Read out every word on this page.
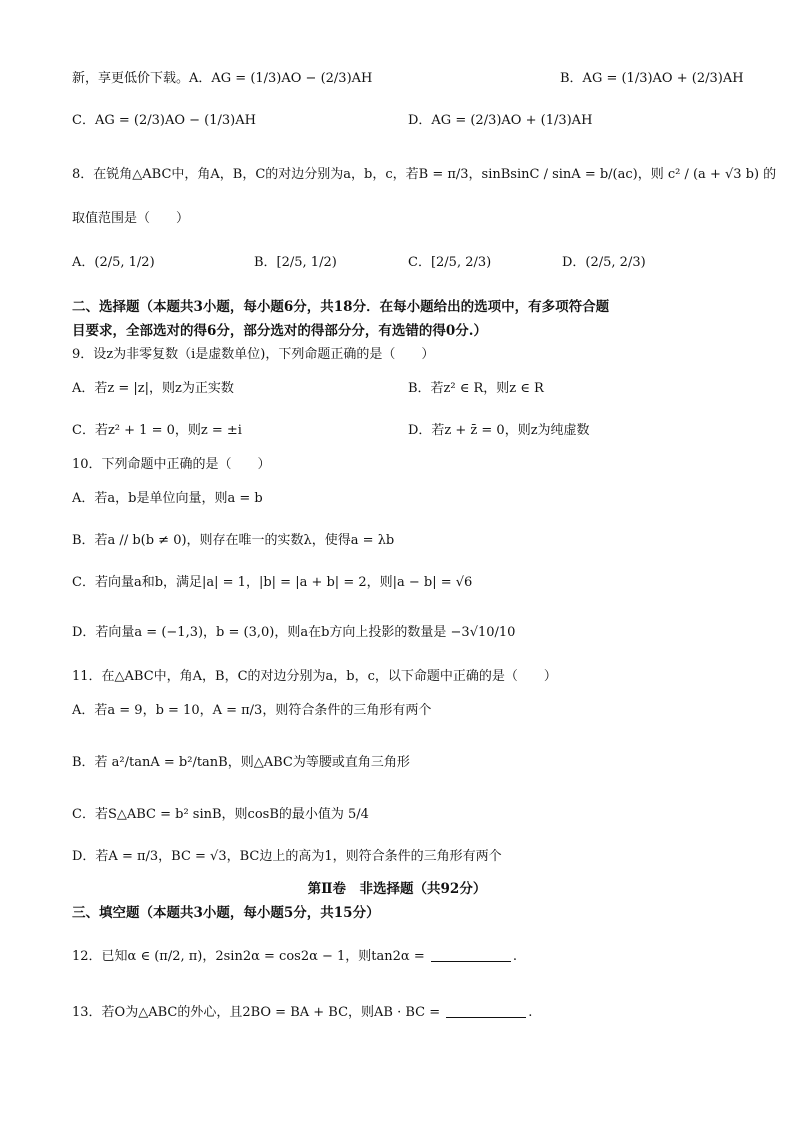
新，享更低价下载。A．AG = (1/3)AO − (2/3)AH	B．AG = (1/3)AO + (2/3)AH
C．AG = (2/3)AO − (1/3)AH	D．AG = (2/3)AO + (1/3)AH
8．在锐角△ABC中，角A，B，C的对边分别为a，b，c，若B = π/3，sinBsinC / sinA = b/(ac)，则 c² / (a + √3 b) 的
取值范围是（　　）
A．(2/5, 1/2)	B．[2/5, 1/2)	C．[2/5, 2/3)	D．(2/5, 2/3)
二、选择题（本题共3小题，每小题6分，共18分．在每小题给出的选项中，有多项符合题
目要求，全部选对的得6分，部分选对的得部分分，有选错的得0分.）
9．设z为非零复数（i是虚数单位)，下列命题正确的是（　　）
A．若z = |z|，则z为正实数	B．若z² ∈ R，则z ∈ R
C．若z² + 1 = 0，则z = ±i	D．若z + z̄ = 0，则z为纯虚数
10．下列命题中正确的是（　　）
A．若a，b是单位向量，则a = b
B．若a // b(b ≠ 0)，则存在唯一的实数λ，使得a = λb
C．若向量a和b，满足|a| = 1，|b| = |a + b| = 2，则|a − b| = √6
D．若向量a = (−1,3)，b = (3,0)，则a在b方向上投影的数量是 −3√10/10
11．在△ABC中，角A，B，C的对边分别为a，b，c，以下命题中正确的是（　　）
A．若a = 9，b = 10，A = π/3，则符合条件的三角形有两个
B．若 a²/tanA = b²/tanB，则△ABC为等腰或直角三角形
C．若S△ABC = b² sinB，则cosB的最小值为 5/4
D．若A = π/3，BC = √3，BC边上的高为1，则符合条件的三角形有两个
第Ⅱ卷　非选择题（共92分）
三、填空题（本题共3小题，每小题5分，共15分）
12．已知α ∈ (π/2, π)，2sin2α = cos2α − 1，则tan2α =	.
13．若O为△ABC的外心，且2BO = BA + BC，则AB · BC =	.
